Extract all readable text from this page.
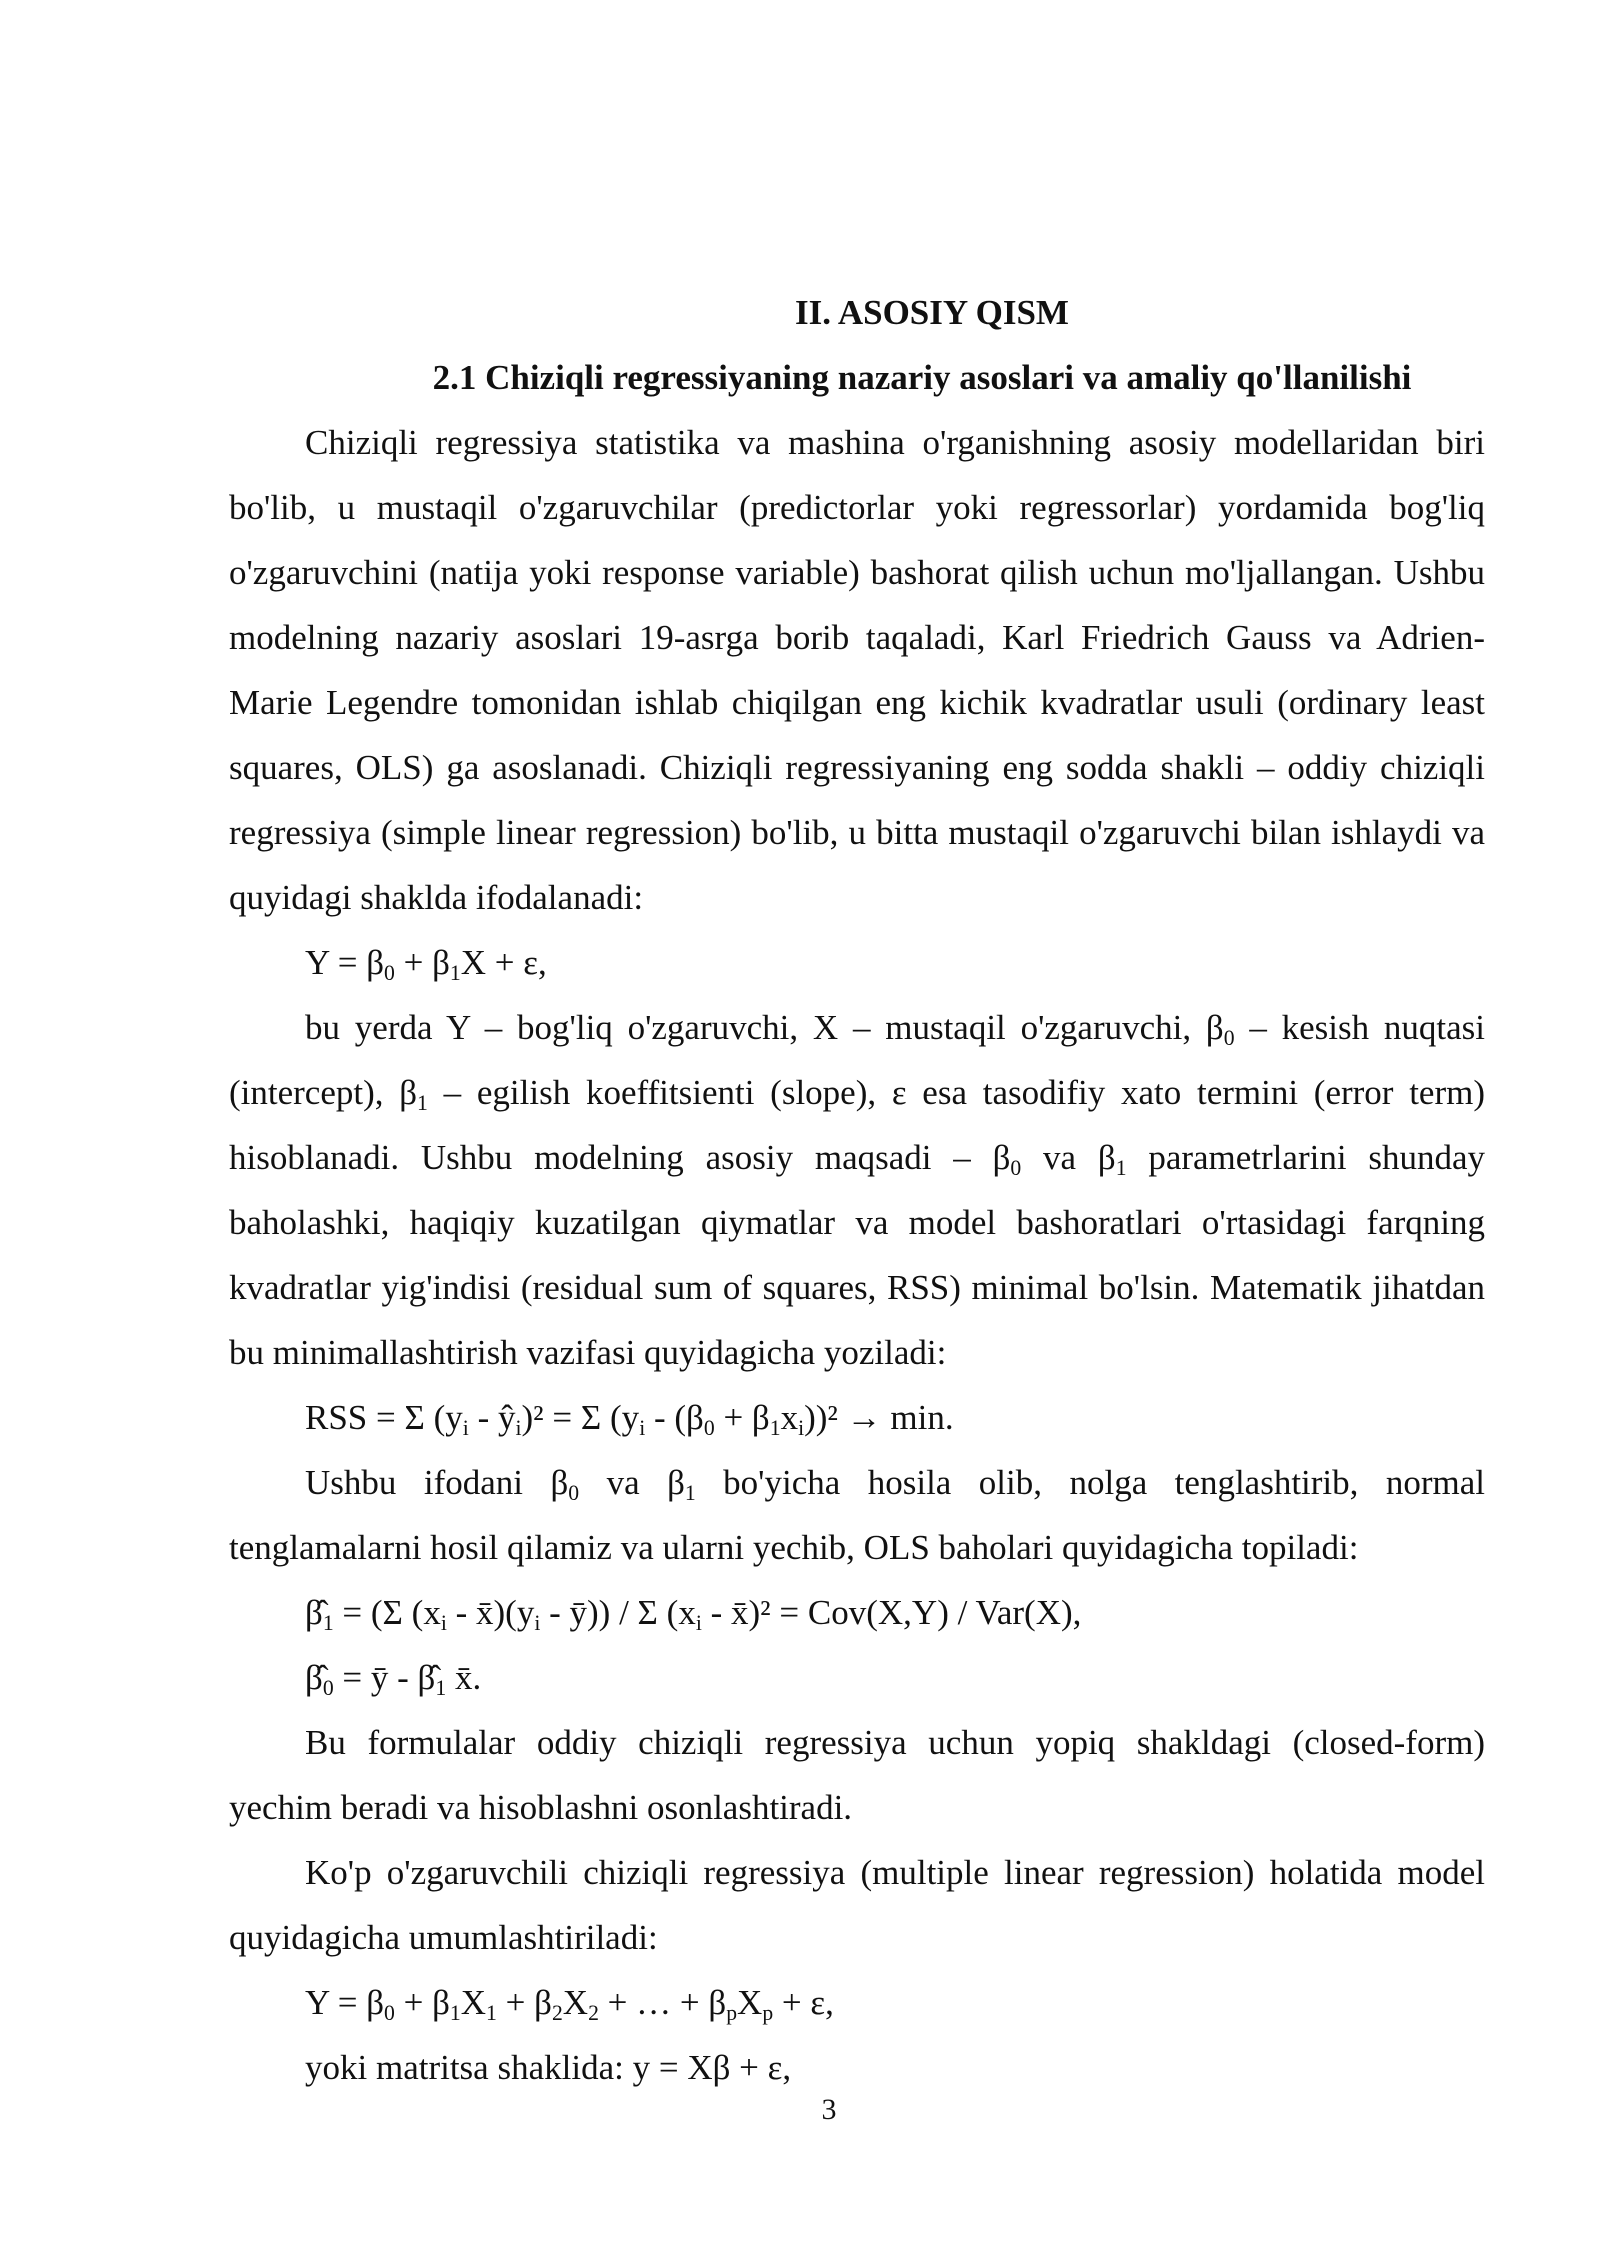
II. ASOSIY QISM

2.1 Chiziqli regressiyaning nazariy asoslari va amaliy qo'llanilishi

Chiziqli regressiya statistika va mashina o'rganishning asosiy modellaridan biri bo'lib, u mustaqil o'zgaruvchilar (predictorlar yoki regressorlar) yordamida bog'liq o'zgaruvchini (natija yoki response variable) bashorat qilish uchun mo'ljallangan. Ushbu modelning nazariy asoslari 19-asrga borib taqaladi, Karl Friedrich Gauss va Adrien-Marie Legendre tomonidan ishlab chiqilgan eng kichik kvadratlar usuli (ordinary least squares, OLS) ga asoslanadi. Chiziqli regressiyaning eng sodda shakli – oddiy chiziqli regressiya (simple linear regression) bo'lib, u bitta mustaqil o'zgaruvchi bilan ishlaydi va quyidagi shaklda ifodalanadi:

$Y = \beta_0 + \beta_1X + \varepsilon$,

bu yerda Y – bog'liq o'zgaruvchi, X – mustaqil o'zgaruvchi, $\beta_0$ – kesish nuqtasi (intercept), $\beta_1$ – egilish koeffitsienti (slope), ε esa tasodifiy xato termini (error term) hisoblanadi. Ushbu modelning asosiy maqsadi – $\beta_0$ va $\beta_1$ parametrlarini shunday baholashki, haqiqiy kuzatilgan qiymatlar va model bashoratlari o'rtasidagi farqning kvadratlar yig'indisi (residual sum of squares, RSS) minimal bo'lsin. Matematik jihatdan bu minimallashtirish vazifasi quyidagicha yoziladi:

RSS = Σ ($y_i$ - $ŷ_i)^2 = \Sigma$ $(y_i - (\beta_0 + \beta_1x_i))^2 \to \min$.

Ushbu ifodani $\beta_0$ va $\beta_1$ bo'yicha hosila olib, nolga tenglashtirib, normal tenglamalarni hosil qilamiz va ularni yechib, OLS baholari quyidagicha topiladi:

$\betâ_1 = (\Sigma$ ($x_i$ - $x̄)(y_i$ - ȳ)) / Σ ($x_i$ - x̄)² = Cov(X,Y) / Var(X),

$\betâ_0$ = ȳ - $\betâ_1$ x̄.

Bu formulalar oddiy chiziqli regressiya uchun yopiq shakldagi (closed-form) yechim beradi va hisoblashni osonlashtiradi.

Ko'p o'zgaruvchili chiziqli regressiya (multiple linear regression) holatida model quyidagicha umumlashtiriladi:

$Y = \beta_0 + \beta_1X_1 + \beta_2X_2$ + … + $\beta_pX_p + \varepsilon$,

yoki matritsa shaklida: y = Xβ + ε,

3
